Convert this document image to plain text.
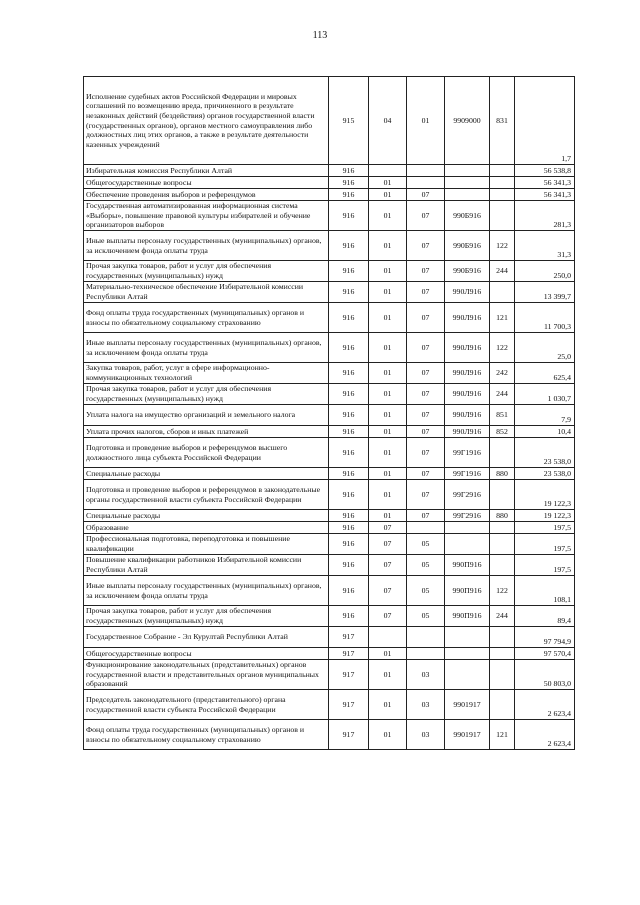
113
Исполнение судебных актов Российской Федерации и мировых соглашений по возмещению вреда, причиненного в результате незаконных действий (бездействия) органов государственной власти (государственных органов), органов местного самоуправления либо должностных лиц этих органов, а также в результате деятельности казенных учреждений	915	04	01	9909000	831	1,7
Избирательная комиссия Республики Алтай	916					56 538,8
Общегосударственные вопросы	916	01				56 341,3
Обеспечение проведения выборов и референдумов	916	01	07			56 341,3
Государственная автоматизированная информационная система «Выборы», повышение правовой культуры избирателей и обучение организаторов выборов	916	01	07	990Б916		281,3
Иные выплаты персоналу государственных (муниципальных) органов, за исключением фонда оплаты труда	916	01	07	990Б916	122	31,3
Прочая закупка товаров, работ и услуг для обеспечения государственных (муниципальных) нужд	916	01	07	990Б916	244	250,0
Материально-техническое обеспечение Избирательной комиссии Республики Алтай	916	01	07	990Л916		13 399,7
Фонд оплаты труда государственных (муниципальных) органов и взносы по обязательному социальному страхованию	916	01	07	990Л916	121	11 700,3
Иные выплаты персоналу государственных (муниципальных) органов, за исключением фонда оплаты труда	916	01	07	990Л916	122	25,0
Закупка товаров, работ, услуг в сфере информационно-коммуникационных технологий	916	01	07	990Л916	242	625,4
Прочая закупка товаров, работ и услуг для обеспечения государственных (муниципальных) нужд	916	01	07	990Л916	244	1 030,7
Уплата налога на имущество организаций и земельного налога	916	01	07	990Л916	851	7,9
Уплата прочих налогов, сборов и иных платежей	916	01	07	990Л916	852	10,4
Подготовка и проведение выборов и референдумов высшего должностного лица субъекта Российской Федерации	916	01	07	99Г1916		23 538,0
Специальные расходы	916	01	07	99Г1916	880	23 538,0
Подготовка и проведение выборов и референдумов в законодательные органы государственной власти субъекта Российской Федерации	916	01	07	99Г2916		19 122,3
Специальные расходы	916	01	07	99Г2916	880	19 122,3
Образование	916	07				197,5
Профессиональная подготовка, переподготовка и повышение квалификации	916	07	05			197,5
Повышение квалификации работников Избирательной комиссии Республики Алтай	916	07	05	990П916		197,5
Иные выплаты персоналу государственных (муниципальных) органов, за исключением фонда оплаты труда	916	07	05	990П916	122	108,1
Прочая закупка товаров, работ и услуг для обеспечения государственных (муниципальных) нужд	916	07	05	990П916	244	89,4
Государственное Собрание - Эл Курултай Республики Алтай	917					97 794,9
Общегосударственные вопросы	917	01				97 570,4
Функционирование законодательных (представительных) органов государственной власти и представительных органов муниципальных образований	917	01	03			50 803,0
Председатель законодательного (представительного) органа государственной власти субъекта Российской Федерации	917	01	03	9901917		2 623,4
Фонд оплаты труда государственных (муниципальных) органов и взносы по обязательному социальному страхованию	917	01	03	9901917	121	2 623,4
